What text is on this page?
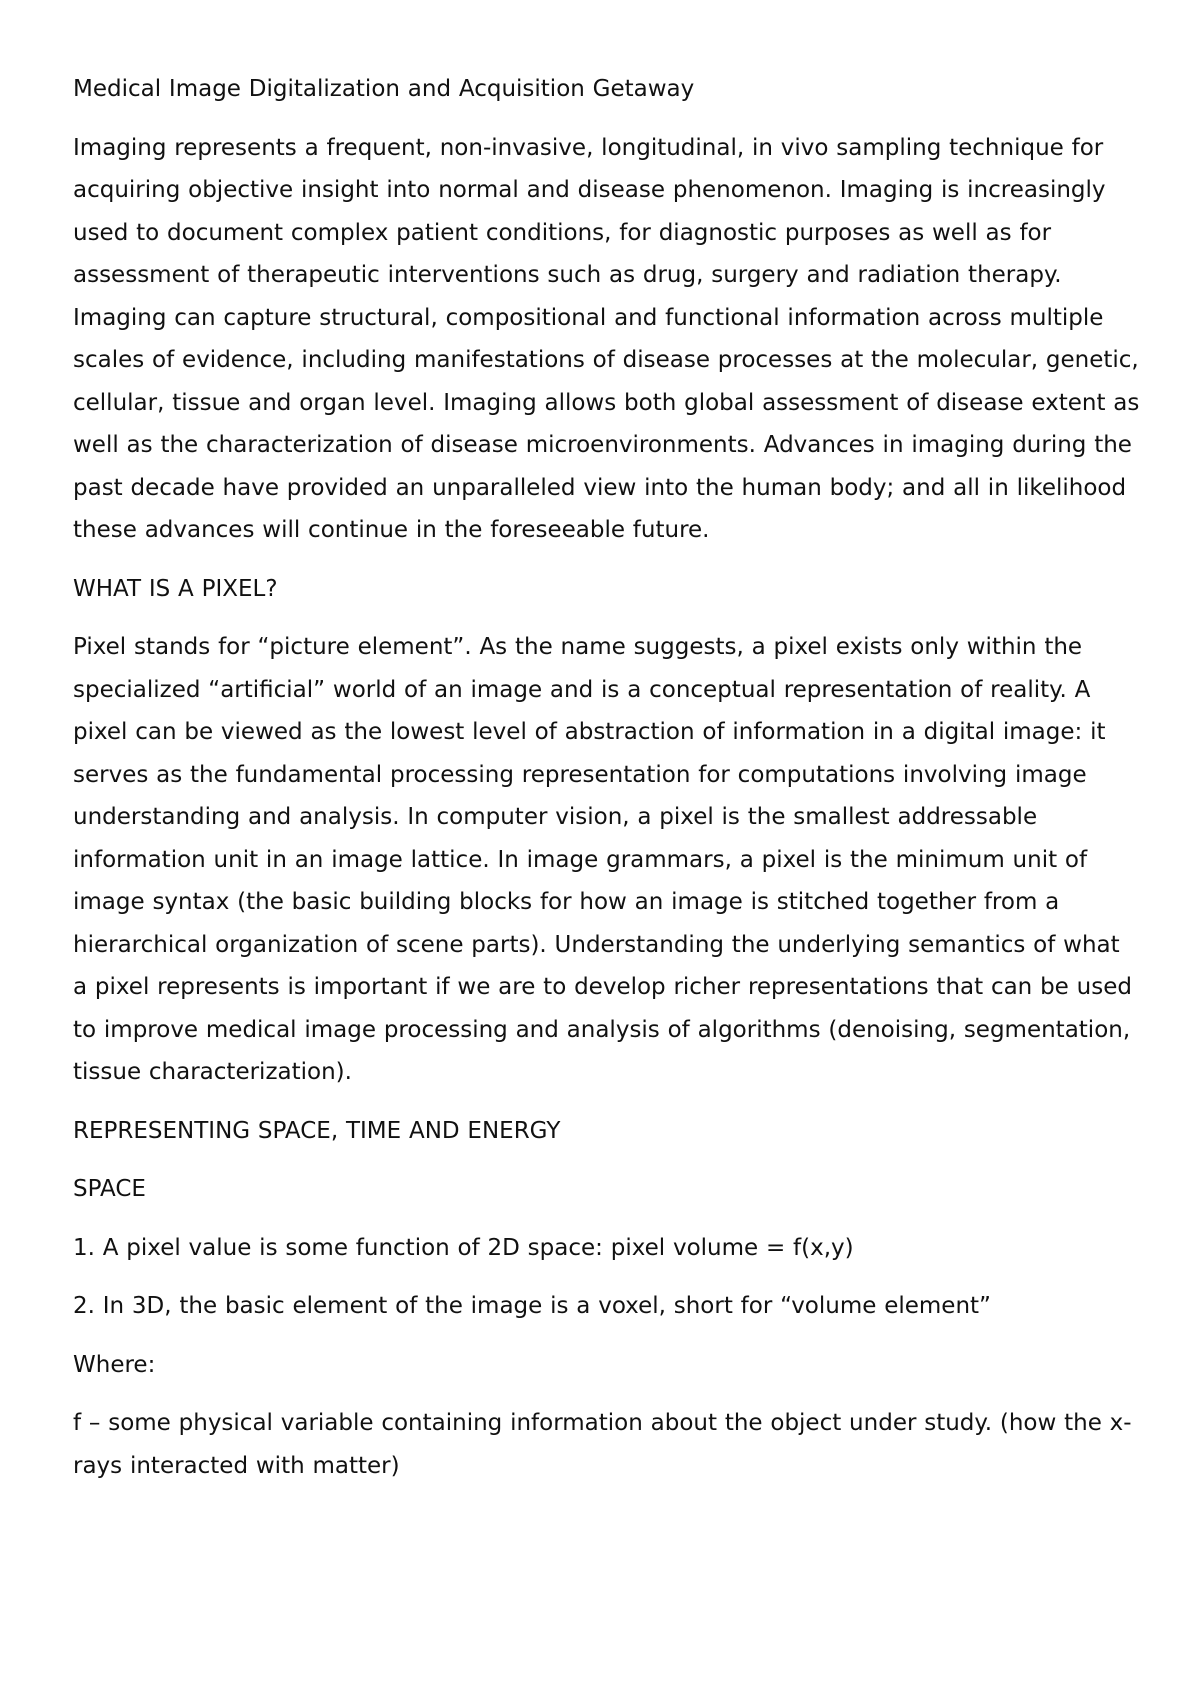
Medical Image Digitalization and Acquisition Getaway

Imaging represents a frequent, non-invasive, longitudinal, in vivo sampling technique for acquiring objective insight into normal and disease phenomenon. Imaging is increasingly used to document complex patient conditions, for diagnostic purposes as well as for assessment of therapeutic interventions such as drug, surgery and radiation therapy. Imaging can capture structural, compositional and functional information across multiple scales of evidence, including manifestations of disease processes at the molecular, genetic, cellular, tissue and organ level. Imaging allows both global assessment of disease extent as well as the characterization of disease microenvironments. Advances in imaging during the past decade have provided an unparalleled view into the human body; and all in likelihood these advances will continue in the foreseeable future.

WHAT IS A PIXEL?

Pixel stands for “picture element”. As the name suggests, a pixel exists only within the specialized “artificial” world of an image and is a conceptual representation of reality. A pixel can be viewed as the lowest level of abstraction of information in a digital image: it serves as the fundamental processing representation for computations involving image understanding and analysis. In computer vision, a pixel is the smallest addressable information unit in an image lattice. In image grammars, a pixel is the minimum unit of image syntax (the basic building blocks for how an image is stitched together from a hierarchical organization of scene parts). Understanding the underlying semantics of what a pixel represents is important if we are to develop richer representations that can be used to improve medical image processing and analysis of algorithms (denoising, segmentation, tissue characterization).

REPRESENTING SPACE, TIME AND ENERGY

SPACE

1. A pixel value is some function of 2D space: pixel volume = f(x,y)

2. In 3D, the basic element of the image is a voxel, short for “volume element”

Where:

f – some physical variable containing information about the object under study. (how the x-rays interacted with matter)
